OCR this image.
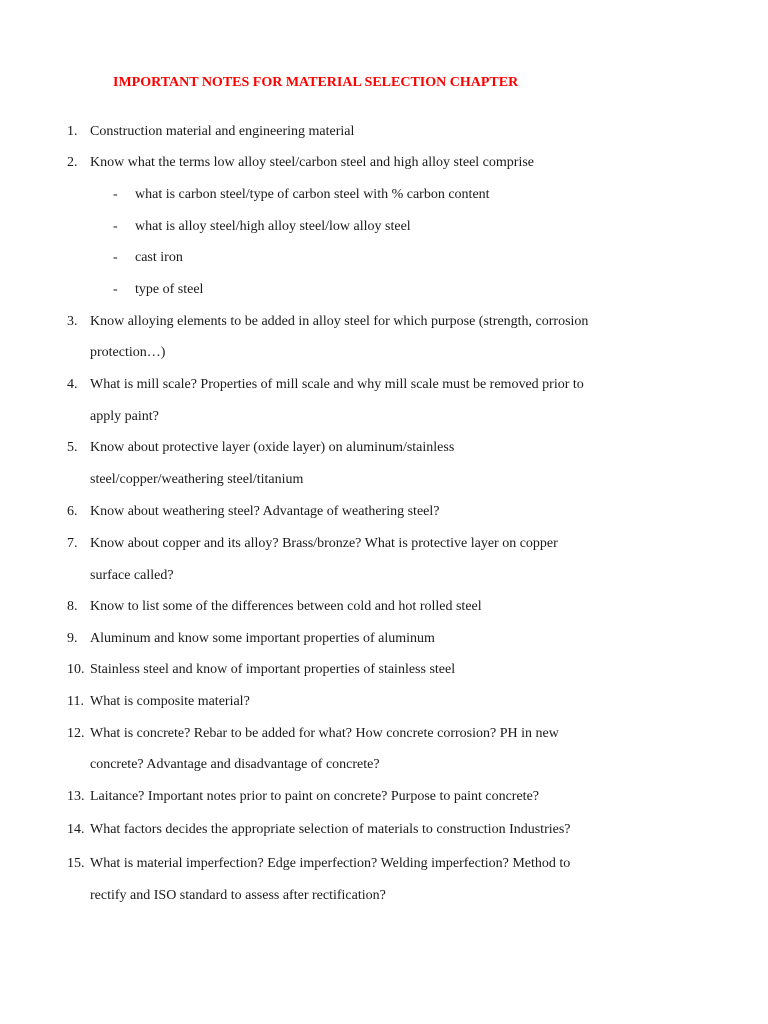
IMPORTANT NOTES FOR MATERIAL SELECTION CHAPTER
1. Construction material and engineering material
2. Know what the terms low alloy steel/carbon steel and high alloy steel comprise
- what is carbon steel/type of carbon steel with % carbon content
- what is alloy steel/high alloy steel/low alloy steel
- cast iron
- type of steel
3. Know alloying elements to be added in alloy steel for which purpose (strength, corrosion
protection…)
4. What is mill scale? Properties of mill scale and why mill scale must be removed prior to
apply paint?
5. Know about protective layer (oxide layer) on aluminum/stainless
steel/copper/weathering steel/titanium
6. Know about weathering steel? Advantage of weathering steel?
7. Know about copper and its alloy? Brass/bronze? What is protective layer on copper
surface called?
8. Know to list some of the differences between cold and hot rolled steel
9. Aluminum and know some important properties of aluminum
10. Stainless steel and know of important properties of stainless steel
11. What is composite material?
12. What is concrete? Rebar to be added for what? How concrete corrosion? PH in new
concrete? Advantage and disadvantage of concrete?
13. Laitance? Important notes prior to paint on concrete? Purpose to paint concrete?
14. What factors decides the appropriate selection of materials to construction Industries?
15. What is material imperfection? Edge imperfection? Welding imperfection? Method to
rectify and ISO standard to assess after rectification?
